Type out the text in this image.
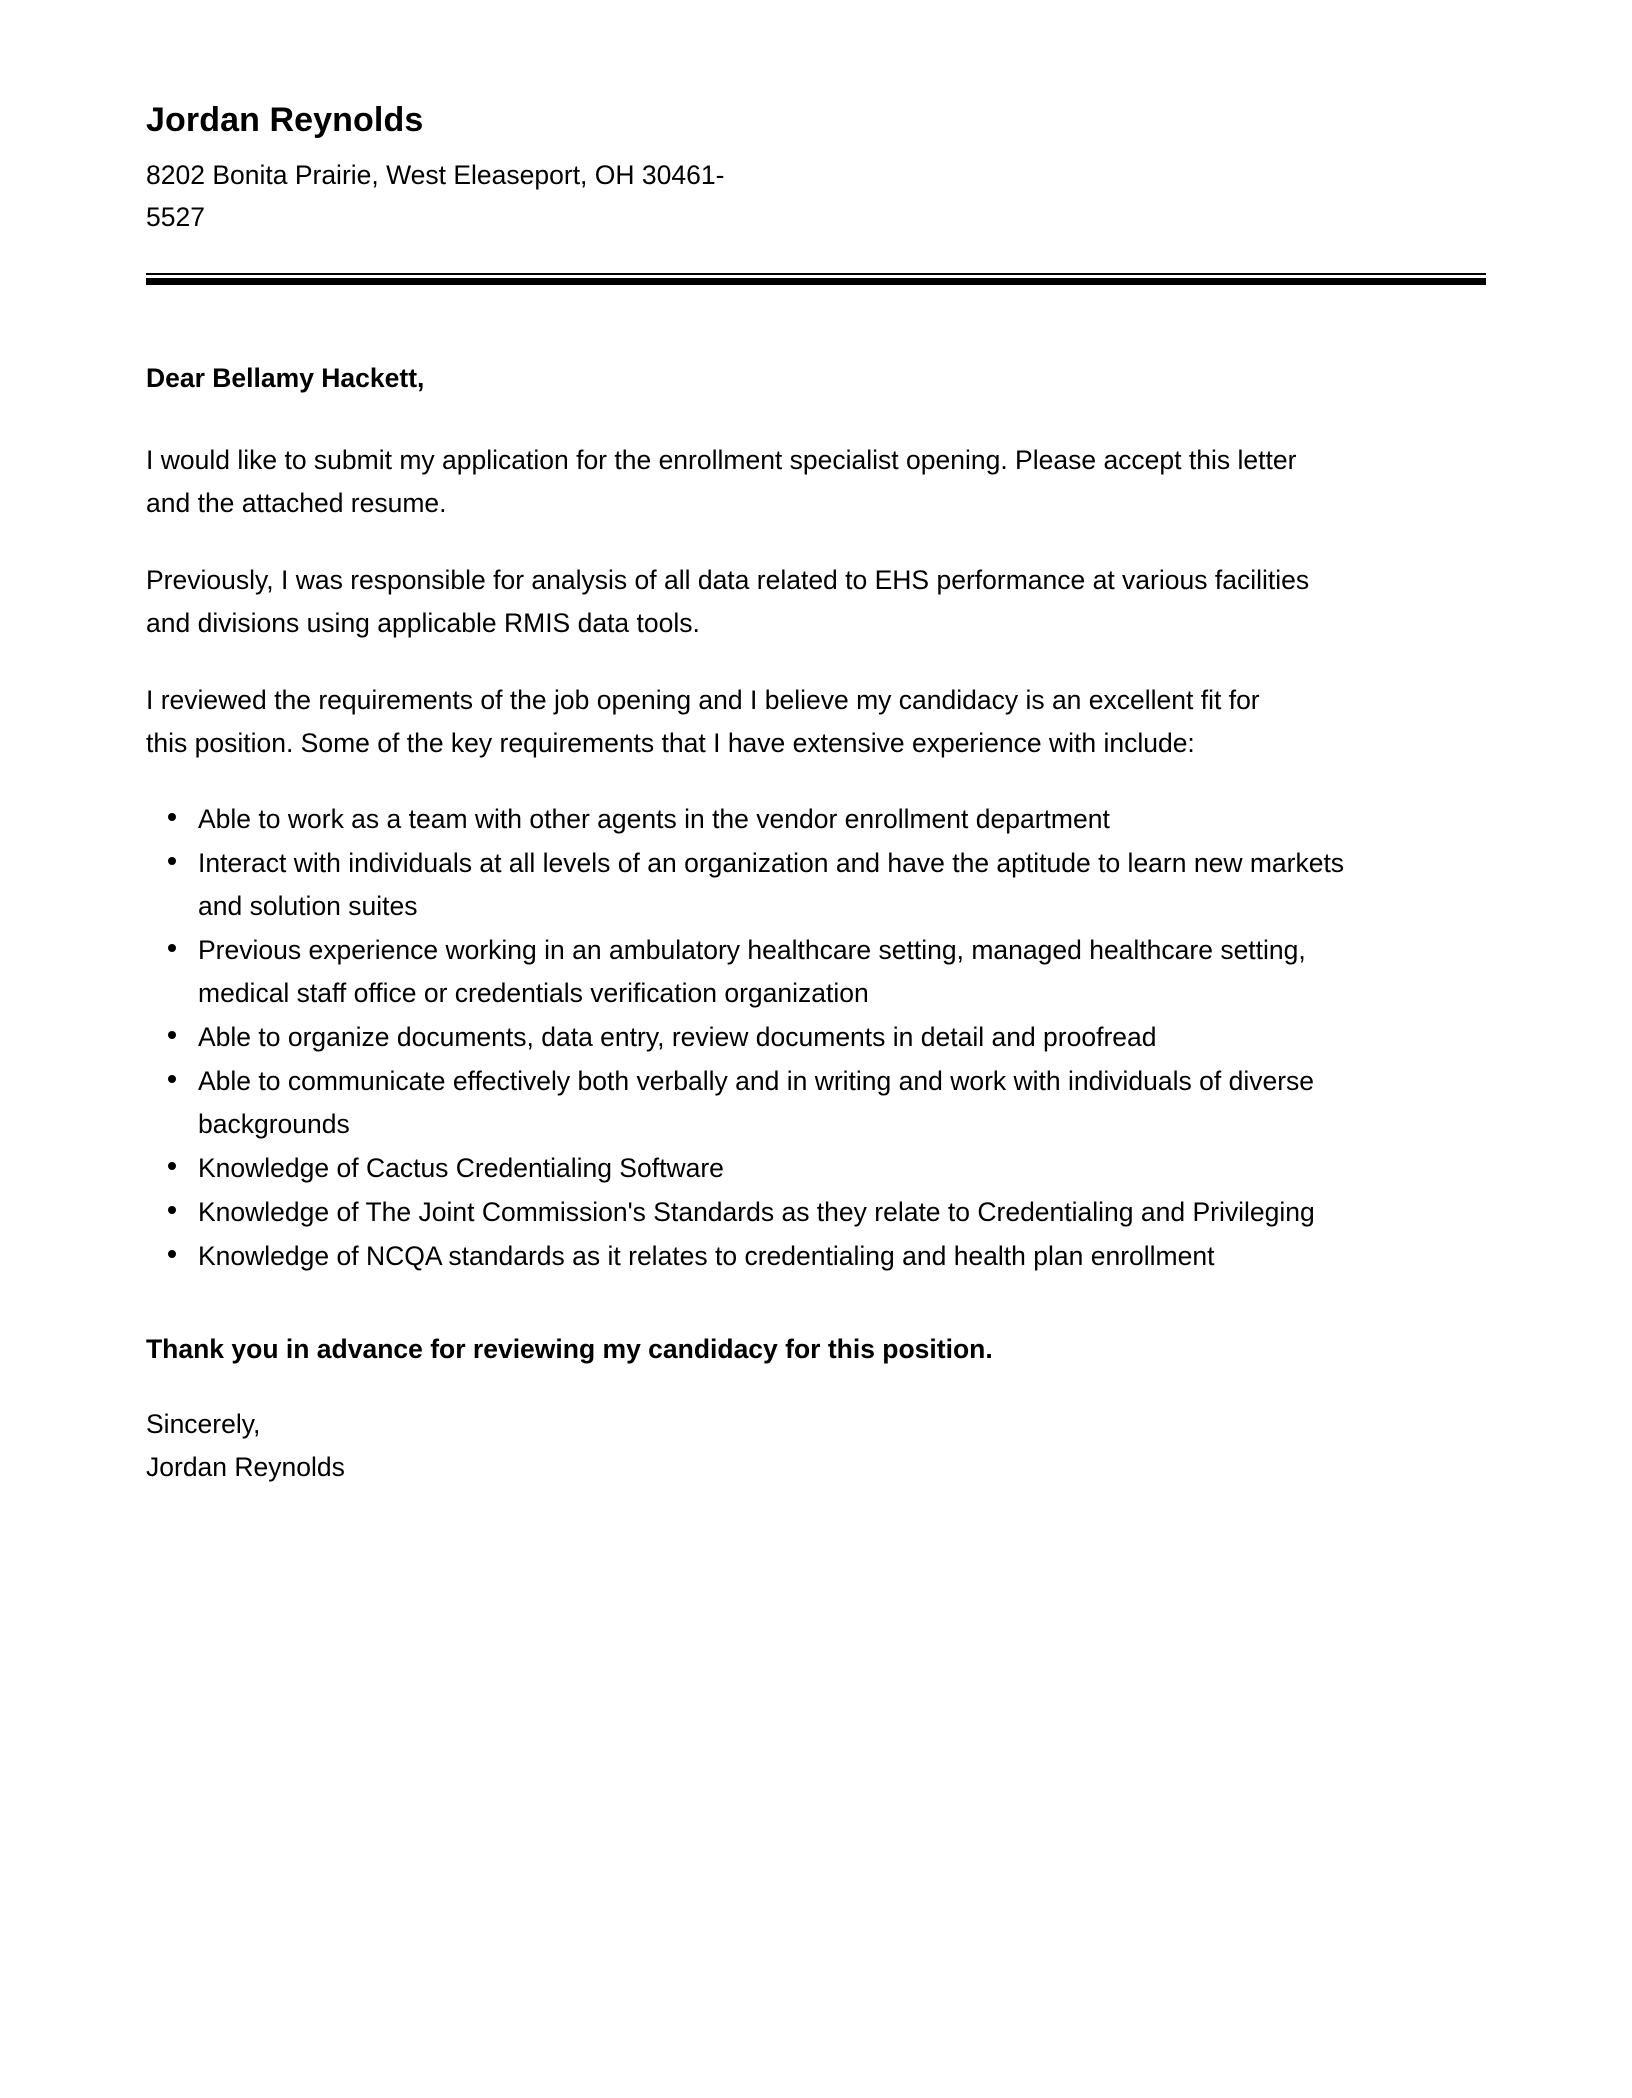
Jordan Reynolds
8202 Bonita Prairie, West Eleaseport, OH 30461-5527
Dear Bellamy Hackett,

I would like to submit my application for the enrollment specialist opening. Please accept this letter and the attached resume.

Previously, I was responsible for analysis of all data related to EHS performance at various facilities and divisions using applicable RMIS data tools.

I reviewed the requirements of the job opening and I believe my candidacy is an excellent fit for this position. Some of the key requirements that I have extensive experience with include:

Able to work as a team with other agents in the vendor enrollment department
Interact with individuals at all levels of an organization and have the aptitude to learn new markets and solution suites
Previous experience working in an ambulatory healthcare setting, managed healthcare setting, medical staff office or credentials verification organization
Able to organize documents, data entry, review documents in detail and proofread
Able to communicate effectively both verbally and in writing and work with individuals of diverse backgrounds
Knowledge of Cactus Credentialing Software
Knowledge of The Joint Commission's Standards as they relate to Credentialing and Privileging
Knowledge of NCQA standards as it relates to credentialing and health plan enrollment
Thank you in advance for reviewing my candidacy for this position.
Sincerely,
Jordan Reynolds
